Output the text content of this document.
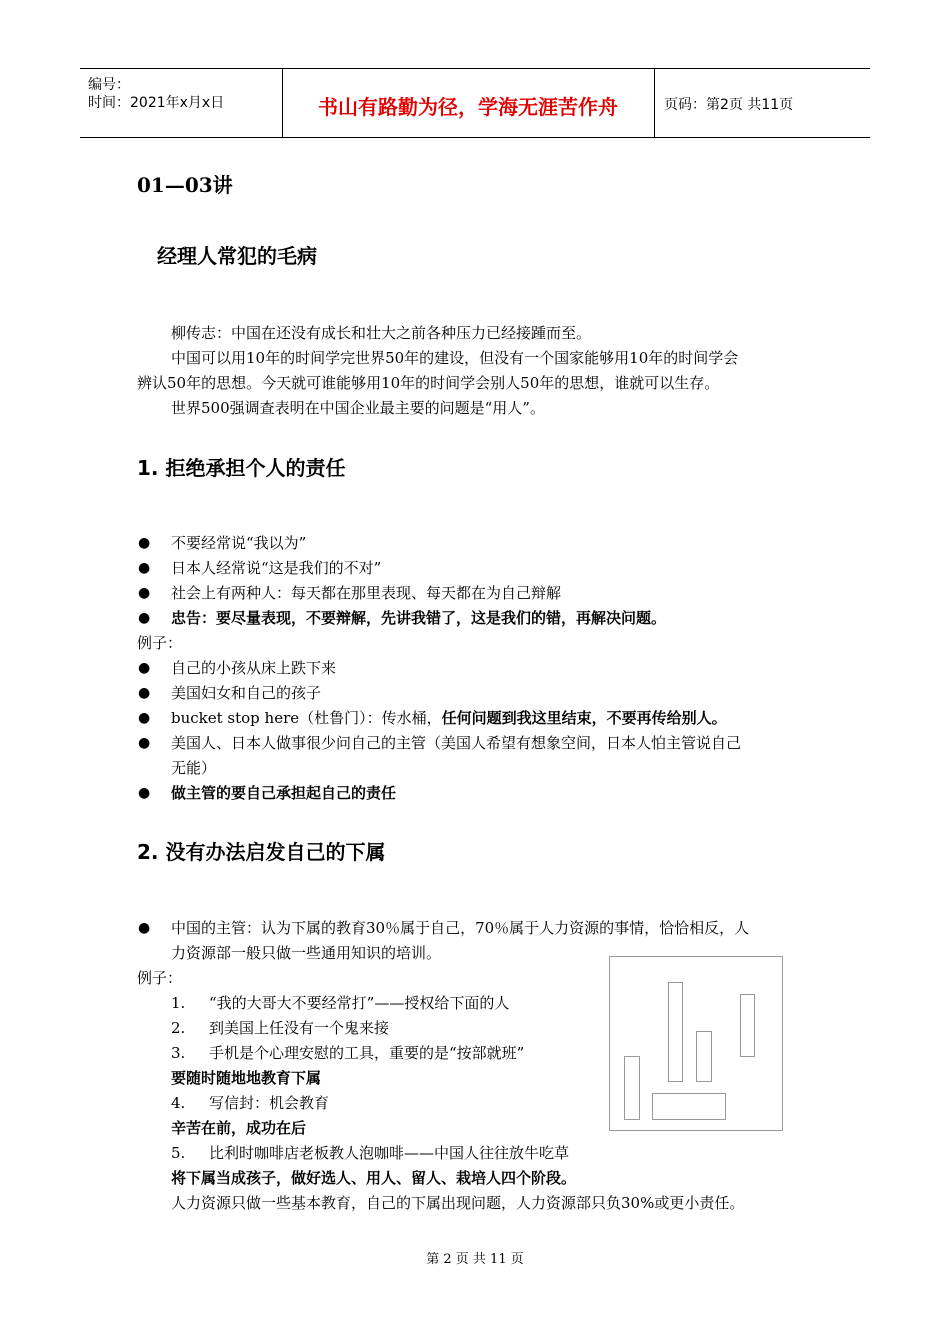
编号：
时间：2021年x月x日	书山有路勤为径，学海无涯苦作舟	页码：第2页 共11页
01—03讲
经理人常犯的毛病
柳传志：中国在还没有成长和壮大之前各种压力已经接踵而至。
中国可以用10年的时间学完世界50年的建设，但没有一个国家能够用10年的时间学会
辨认50年的思想。今天就可谁能够用10年的时间学会别人50年的思想，谁就可以生存。
世界500强调查表明在中国企业最主要的问题是“用人”。
1. 拒绝承担个人的责任
● 不要经常说“我以为”
● 日本人经常说“这是我们的不对”
● 社会上有两种人：每天都在那里表现、每天都在为自己辩解
● 忠告：要尽量表现，不要辩解，先讲我错了，这是我们的错，再解决问题。
例子：
● 自己的小孩从床上跌下来
● 美国妇女和自己的孩子
● bucket stop here（杜鲁门）：传水桶，任何问题到我这里结束，不要再传给别人。
● 美国人、日本人做事很少问自己的主管（美国人希望有想象空间，日本人怕主管说自己
无能）
● 做主管的要自己承担起自己的责任
2. 没有办法启发自己的下属
● 中国的主管：认为下属的教育30％属于自己，70％属于人力资源的事情，恰恰相反，人
力资源部一般只做一些通用知识的培训。
例子：
1. “我的大哥大不要经常打”——授权给下面的人
2. 到美国上任没有一个鬼来接
3. 手机是个心理安慰的工具，重要的是“按部就班”
要随时随地地教育下属
4. 写信封：机会教育
辛苦在前，成功在后
5. 比利时咖啡店老板教人泡咖啡——中国人往往放牛吃草
将下属当成孩子，做好选人、用人、留人、栽培人四个阶段。
人力资源只做一些基本教育，自己的下属出现问题，人力资源部只负30%或更小责任。
第 2 页 共 11 页
